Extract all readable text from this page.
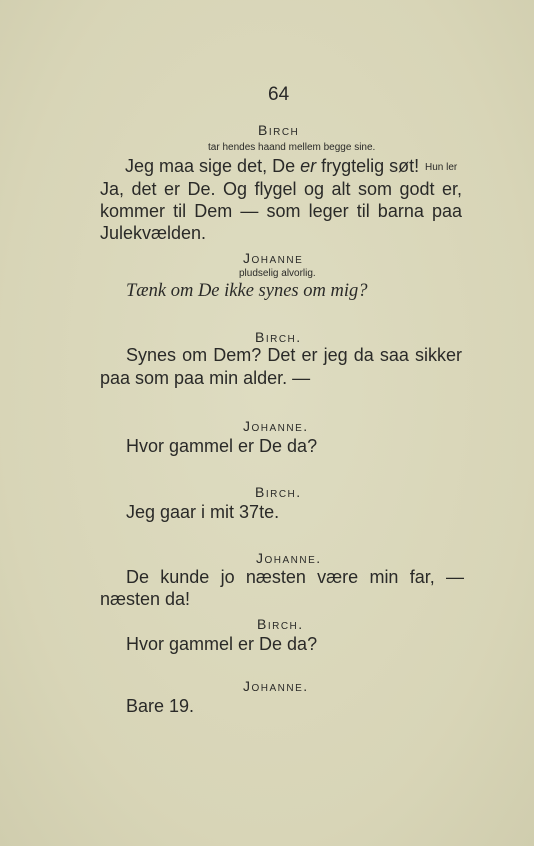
64
Birch
tar hendes haand mellem begge sine.
Jeg maa sige det, De er frygtelig søt! Hun ler
Ja, det er De. Og flygel og alt som godt er,
kommer til Dem — som leger til barna paa
Julekvælden.
Johanne
pludselig alvorlig.
Tænk om De ikke synes om mig?
Birch.
Synes om Dem? Det er jeg da saa sikker
paa som paa min alder. —
Johanne.
Hvor gammel er De da?
Birch.
Jeg gaar i mit 37te.
Johanne.
De kunde jo næsten være min far, —
næsten da!
Birch.
Hvor gammel er De da?
Johanne.
Bare 19.
